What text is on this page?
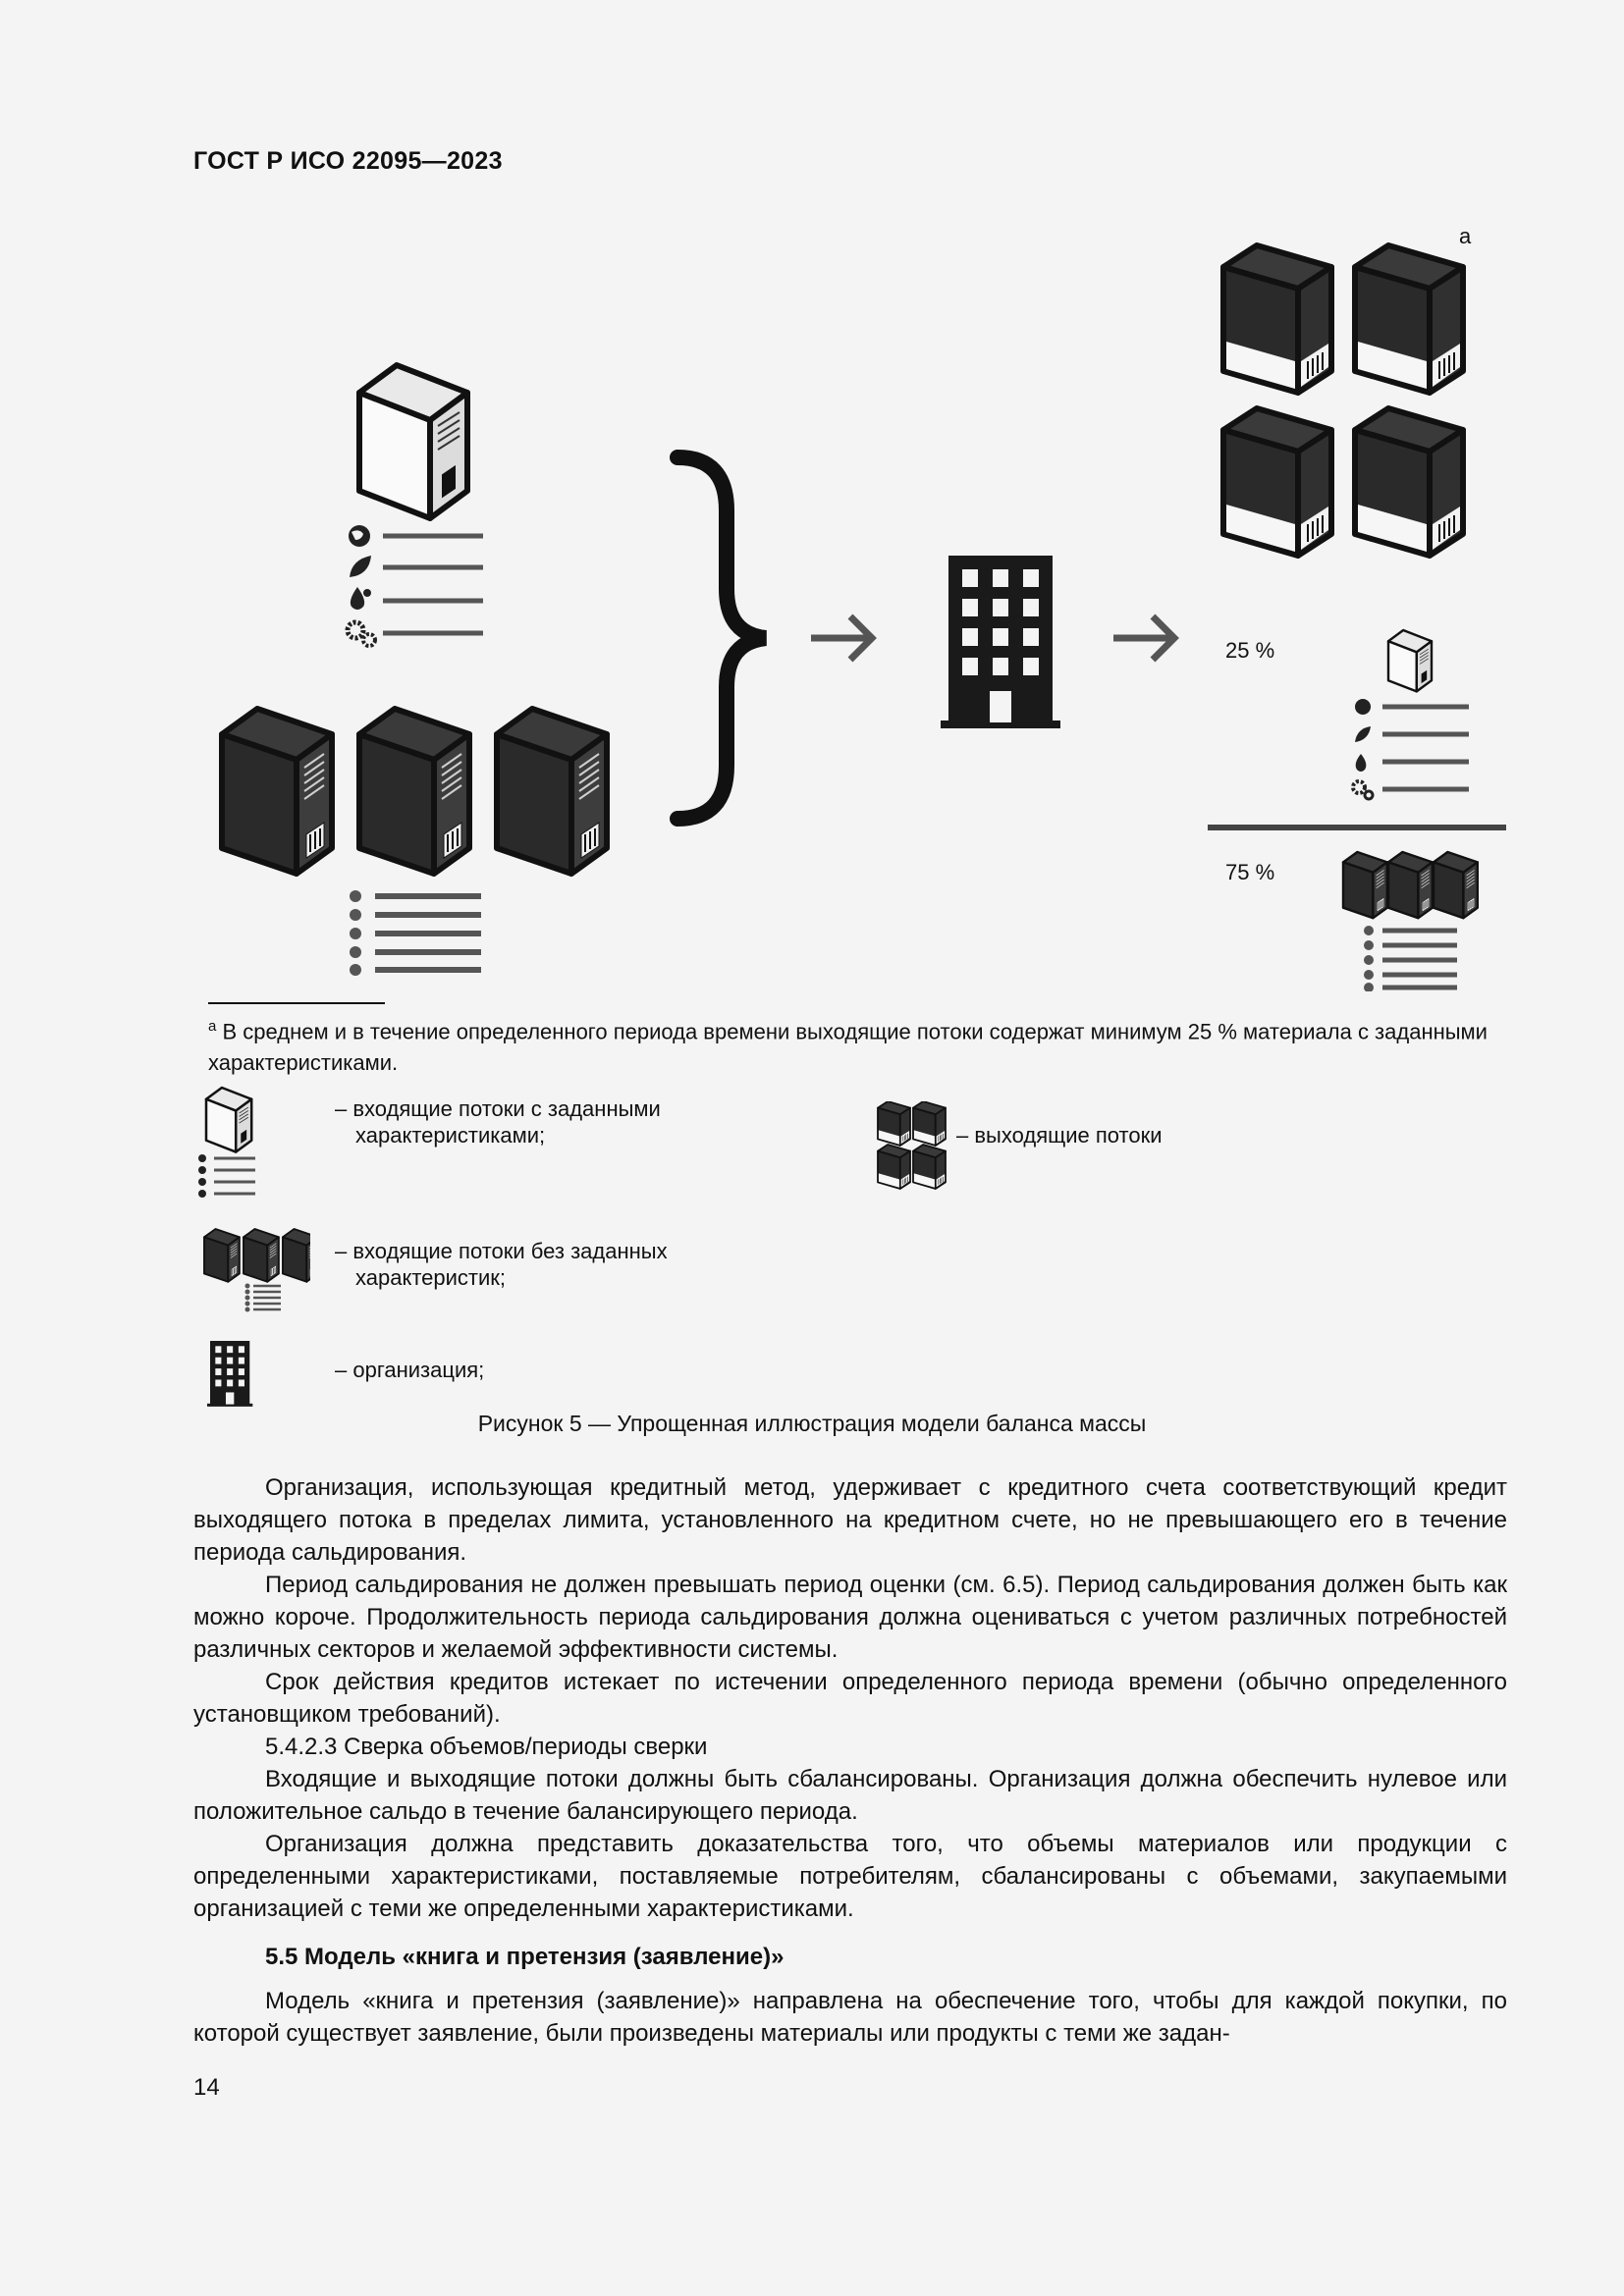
ГОСТ Р ИСО 22095—2023
a
25 %
75 %
$^a$ В среднем и в течение определенного периода времени выходящие потоки содержат минимум 25 % материала с заданными характеристиками.
– входящие потоки с заданными
характеристиками;	– выходящие потоки
– входящие потоки без заданных
характеристик;
– организация;
Рисунок 5 — Упрощенная иллюстрация модели баланса массы

Организация, использующая кредитный метод, удерживает с кредитного счета соответствующий кредит выходящего потока в пределах лимита, установленного на кредитном счете, но не превышающего его в течение периода сальдирования.

Период сальдирования не должен превышать период оценки (см. 6.5). Период сальдирования должен быть как можно короче. Продолжительность периода сальдирования должна оцениваться с учетом различных потребностей различных секторов и желаемой эффективности системы.

Срок действия кредитов истекает по истечении определенного периода времени (обычно определенного установщиком требований).

5.4.2.3 Сверка объемов/периоды сверки

Входящие и выходящие потоки должны быть сбалансированы. Организация должна обеспечить нулевое или положительное сальдо в течение балансирующего периода.

Организация должна представить доказательства того, что объемы материалов или продукции с определенными характеристиками, поставляемые потребителям, сбалансированы с объемами, закупаемыми организацией с теми же определенными характеристиками.

5.5 Модель «книга и претензия (заявление)»

Модель «книга и претензия (заявление)» направлена на обеспечение того, чтобы для каждой покупки, по которой существует заявление, были произведены материалы или продукты с теми же задан-

14
